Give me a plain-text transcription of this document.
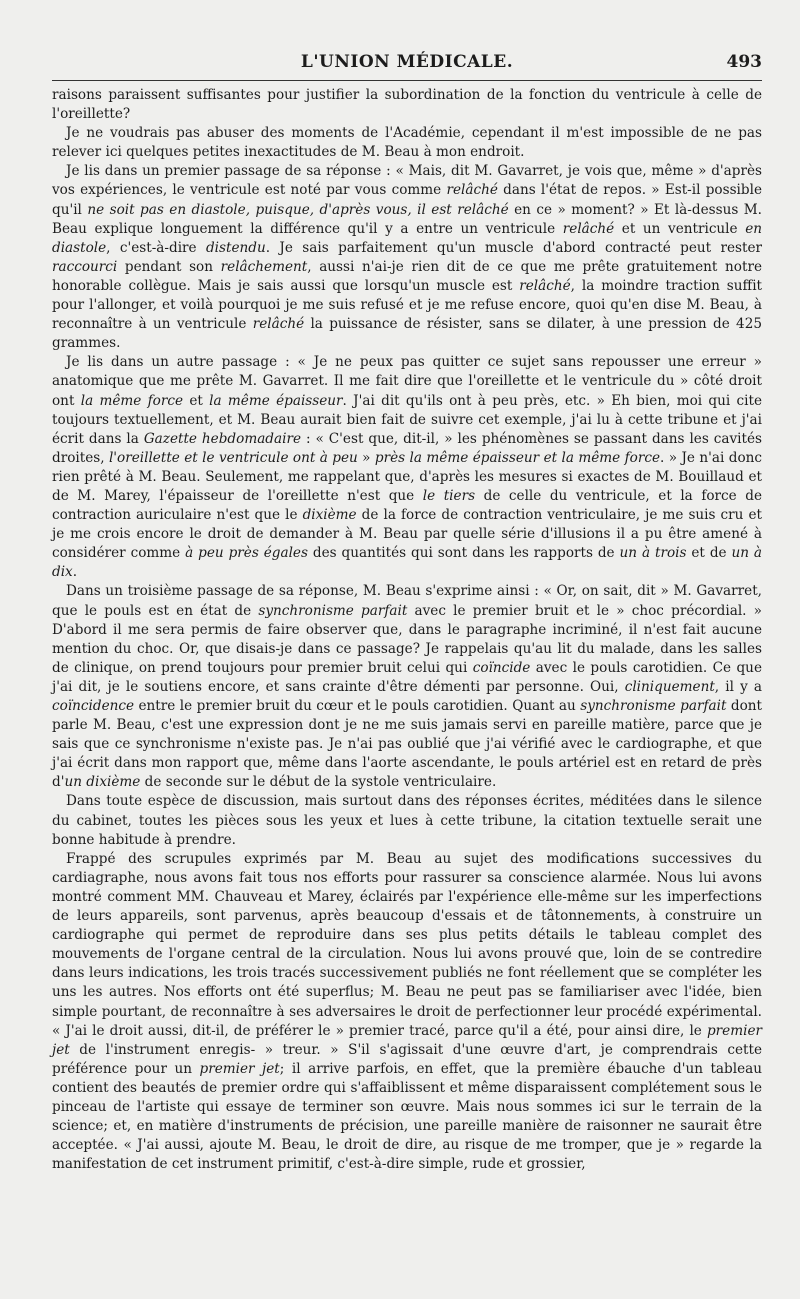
L'UNION MÉDICALE.	493

raisons paraissent suffisantes pour justifier la subordination de la fonction du ventricule à celle de l'oreillette?

Je ne voudrais pas abuser des moments de l'Académie, cependant il m'est impossible de ne pas relever ici quelques petites inexactitudes de M. Beau à mon endroit.

Je lis dans un premier passage de sa réponse : « Mais, dit M. Gavarret, je vois que, même » d'après vos expériences, le ventricule est noté par vous comme relâché dans l'état de repos. » Est-il possible qu'il ne soit pas en diastole, puisque, d'après vous, il est relâché en ce » moment? » Et là-dessus M. Beau explique longuement la différence qu'il y a entre un ventricule relâché et un ventricule en diastole, c'est-à-dire distendu. Je sais parfaitement qu'un muscle d'abord contracté peut rester raccourci pendant son relâchement, aussi n'ai-je rien dit de ce que me prête gratuitement notre honorable collègue. Mais je sais aussi que lorsqu'un muscle est relâché, la moindre traction suffit pour l'allonger, et voilà pourquoi je me suis refusé et je me refuse encore, quoi qu'en dise M. Beau, à reconnaître à un ventricule relâché la puissance de résister, sans se dilater, à une pression de 425 grammes.

Je lis dans un autre passage : « Je ne peux pas quitter ce sujet sans repousser une erreur » anatomique que me prête M. Gavarret. Il me fait dire que l'oreillette et le ventricule du » côté droit ont la même force et la même épaisseur. J'ai dit qu'ils ont à peu près, etc. » Eh bien, moi qui cite toujours textuellement, et M. Beau aurait bien fait de suivre cet exemple, j'ai lu à cette tribune et j'ai écrit dans la Gazette hebdomadaire : « C'est que, dit-il, » les phénomènes se passant dans les cavités droites, l'oreillette et le ventricule ont à peu » près la même épaisseur et la même force. » Je n'ai donc rien prêté à M. Beau. Seulement, me rappelant que, d'après les mesures si exactes de M. Bouillaud et de M. Marey, l'épaisseur de l'oreillette n'est que le tiers de celle du ventricule, et la force de contraction auriculaire n'est que le dixième de la force de contraction ventriculaire, je me suis cru et je me crois encore le droit de demander à M. Beau par quelle série d'illusions il a pu être amené à considérer comme à peu près égales des quantités qui sont dans les rapports de un à trois et de un à dix.

Dans un troisième passage de sa réponse, M. Beau s'exprime ainsi : « Or, on sait, dit » M. Gavarret, que le pouls est en état de synchronisme parfait avec le premier bruit et le » choc précordial. » D'abord il me sera permis de faire observer que, dans le paragraphe incriminé, il n'est fait aucune mention du choc. Or, que disais-je dans ce passage? Je rappelais qu'au lit du malade, dans les salles de clinique, on prend toujours pour premier bruit celui qui coïncide avec le pouls carotidien. Ce que j'ai dit, je le soutiens encore, et sans crainte d'être démenti par personne. Oui, cliniquement, il y a coïncidence entre le premier bruit du cœur et le pouls carotidien. Quant au synchronisme parfait dont parle M. Beau, c'est une expression dont je ne me suis jamais servi en pareille matière, parce que je sais que ce synchronisme n'existe pas. Je n'ai pas oublié que j'ai vérifié avec le cardiographe, et que j'ai écrit dans mon rapport que, même dans l'aorte ascendante, le pouls artériel est en retard de près d'un dixième de seconde sur le début de la systole ventriculaire.

Dans toute espèce de discussion, mais surtout dans des réponses écrites, méditées dans le silence du cabinet, toutes les pièces sous les yeux et lues à cette tribune, la citation textuelle serait une bonne habitude à prendre.

Frappé des scrupules exprimés par M. Beau au sujet des modifications successives du cardiagraphe, nous avons fait tous nos efforts pour rassurer sa conscience alarmée. Nous lui avons montré comment MM. Chauveau et Marey, éclairés par l'expérience elle-même sur les imperfections de leurs appareils, sont parvenus, après beaucoup d'essais et de tâtonnements, à construire un cardiographe qui permet de reproduire dans ses plus petits détails le tableau complet des mouvements de l'organe central de la circulation. Nous lui avons prouvé que, loin de se contredire dans leurs indications, les trois tracés successivement publiés ne font réellement que se compléter les uns les autres. Nos efforts ont été superflus; M. Beau ne peut pas se familiariser avec l'idée, bien simple pourtant, de reconnaître à ses adversaires le droit de perfectionner leur procédé expérimental. « J'ai le droit aussi, dit-il, de préférer le » premier tracé, parce qu'il a été, pour ainsi dire, le premier jet de l'instrument enregis- » treur. » S'il s'agissait d'une œuvre d'art, je comprendrais cette préférence pour un premier jet; il arrive parfois, en effet, que la première ébauche d'un tableau contient des beautés de premier ordre qui s'affaiblissent et même disparaissent complétement sous le pinceau de l'artiste qui essaye de terminer son œuvre. Mais nous sommes ici sur le terrain de la science; et, en matière d'instruments de précision, une pareille manière de raisonner ne saurait être acceptée. « J'ai aussi, ajoute M. Beau, le droit de dire, au risque de me tromper, que je » regarde la manifestation de cet instrument primitif, c'est-à-dire simple, rude et grossier,
